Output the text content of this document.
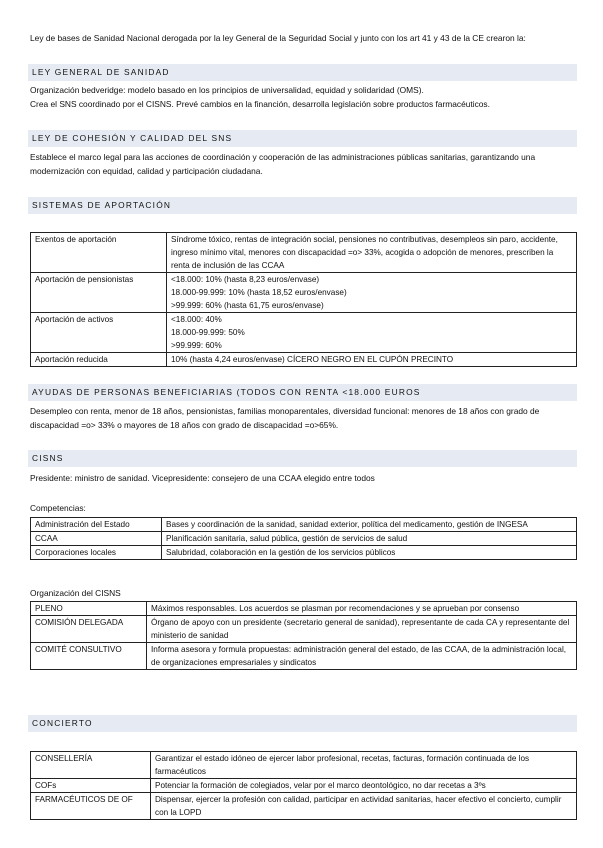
Ley de bases de Sanidad Nacional derogada por la ley General de la Seguridad Social y junto con los art 41 y 43 de la CE crearon la:
LEY GENERAL DE SANIDAD
Organización bedveridge: modelo basado en los principios de universalidad, equidad y solidaridad (OMS).
Crea el SNS coordinado por el CISNS. Prevé cambios en la financión, desarrolla legislación sobre productos farmacéuticos.
LEY DE COHESIÓN Y CALIDAD DEL SNS
Establece el marco legal para las acciones de coordinación y cooperación de las administraciones públicas sanitarias, garantizando una modernización con equidad, calidad y participación ciudadana.
SISTEMAS DE APORTACIÓN
Exentos de aportación	Síndrome tóxico, rentas de integración social, pensiones no contributivas, desempleos sin paro, accidente, ingreso mínimo vital, menores con discapacidad =o> 33%, acogida o adopción de menores, prescriben la renta de inclusión de las CCAA
Aportación de pensionistas	<18.000: 10% (hasta 8,23 euros/envase)
18.000-99.999: 10% (hasta 18,52 euros/envase)
>99.999: 60% (hasta 61,75 euros/envase)

Aportación de activos	<18.000: 40%
18.000-99.999: 50%
>99.999: 60%

Aportación reducida	10% (hasta 4,24 euros/envase) CÍCERO NEGRO EN EL CUPÓN PRECINTO
AYUDAS DE PERSONAS BENEFICIARIAS (TODOS CON RENTA <18.000 EUROS
Desempleo con renta, menor de 18 años, pensionistas, familias monoparentales, diversidad funcional: menores de 18 años con grado de discapacidad =o> 33% o mayores de 18 años con grado de discapacidad =o>65%.
CISNS
Presidente: ministro de sanidad. Vicepresidente: consejero de una CCAA elegido entre todos
Competencias:
Administración del Estado	Bases y coordinación de la sanidad, sanidad exterior, política del medicamento, gestión de INGESA
CCAA	Planificación sanitaria, salud pública, gestión de servicios de salud
Corporaciones locales	Salubridad, colaboración en la gestión de los servicios públicos
Organización del CISNS
PLENO	Máximos responsables. Los acuerdos se plasman por recomendaciones y se aprueban por consenso
COMISIÓN DELEGADA	Órgano de apoyo con un presidente (secretario general de sanidad), representante de cada CA y representante del ministerio de sanidad
COMITÉ CONSULTIVO	Informa asesora y formula propuestas: administración general del estado, de las CCAA, de la administración local, de organizaciones empresariales y sindicatos
CONCIERTO
CONSELLERÍA	Garantizar el estado idóneo de ejercer labor profesional, recetas, facturas, formación continuada de los farmacéuticos
COFs	Potenciar la formación de colegiados, velar por el marco deontológico, no dar recetas a 3ºs
FARMACÉUTICOS DE OF	Dispensar, ejercer la profesión con calidad, participar en actividad sanitarias, hacer efectivo el concierto, cumplir con la LOPD
